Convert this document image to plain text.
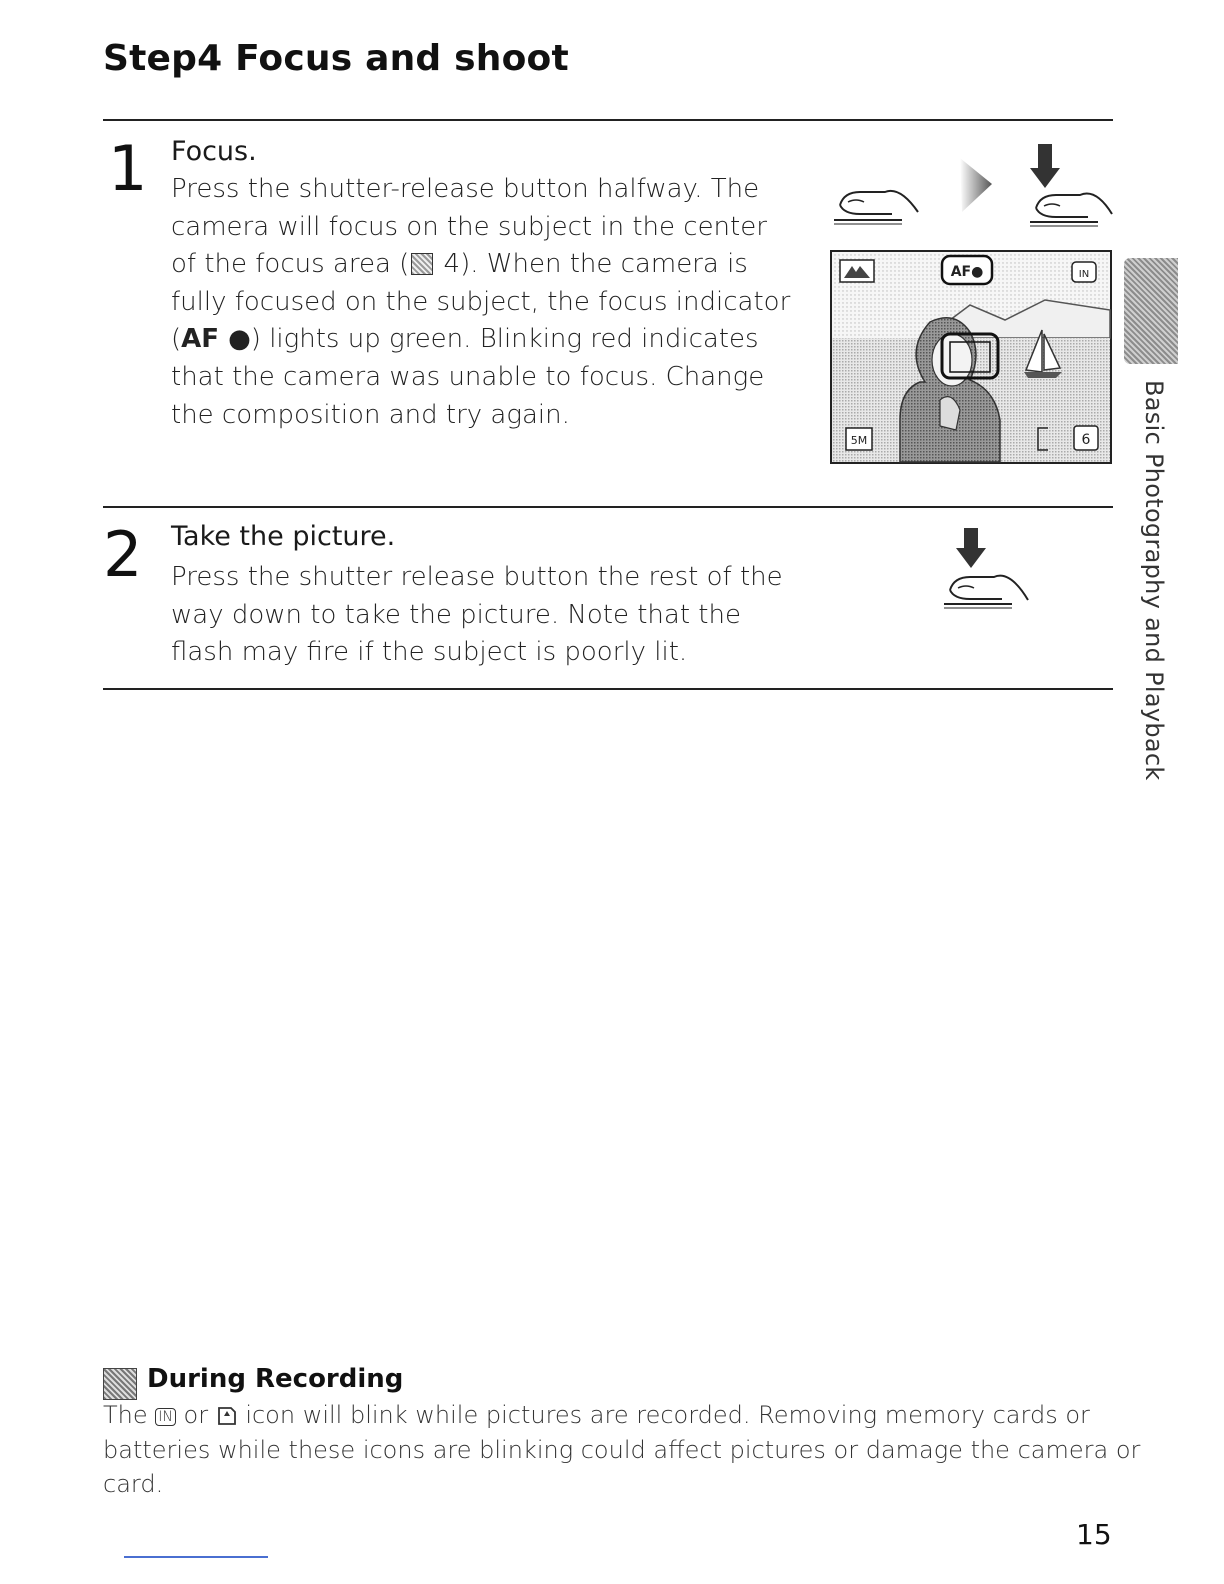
Step4 Focus and shoot
1 Focus.
Press the shutter-release button halfway. The
camera will focus on the subject in the center
of the focus area ( 4). When the camera is
fully focused on the subject, the focus indicator
(AF ●) lights up green. Blinking red indicates
that the camera was unable to focus. Change
the composition and try again.
AF●	IN
5M	6
2 Take the picture.
Press the shutter release button the rest of the
way down to take the picture. Note that the
flash may fire if the subject is poorly lit.	Basic Photography and Playback
During Recording
The IN or  icon will blink while pictures are recorded. Removing memory cards or
batteries while these icons are blinking could affect pictures or damage the camera or
card.
15
